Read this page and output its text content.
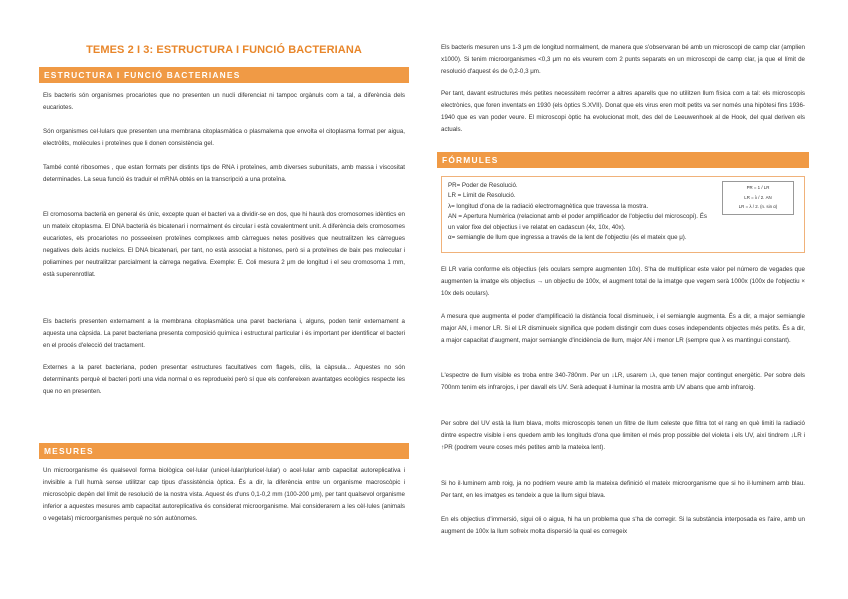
TEMES 2 I 3: ESTRUCTURA I FUNCIÓ BACTERIANA
ESTRUCTURA I FUNCIÓ BACTERIANES

Els bacteris són organismes procariotes que no presenten un nucli diferenciat ni tampoc orgànuls com a tal, a diferència dels eucariotes.

Són organismes cel·lulars que presenten una membrana citoplasmàtica o plasmalema que envolta el citoplasma format per aigua, electròlits, molècules i proteïnes que li donen consistència gel.

També conté ribosomes , que estan formats per distints tips de RNA i proteïnes, amb diverses subunitats, amb massa i viscositat determinades. La seua funció és traduir el mRNA obtés en la transcripció a una proteïna.

El cromosoma bacterià en general és únic, excepte quan el bacteri va a dividir-se en dos, que hi haurà dos cromosomes idèntics en un mateix citoplasma. El DNA bacterià és bicatenari i normalment és circular i està covalentment unit. A diferència dels cromosomes eucariotes, els procariotes no posseeixen proteïnes complexes amb càrregues netes positives que neutralitzen les càrregues negatives dels àcids nucleics. El DNA bicatenari, per tant, no està associat a histones, però si a proteïnes de baix pes molecular i poliamines per neutralitzar parcialment la càrrega negativa. Exemple: E. Coli mesura 2 μm de longitud i el seu cromosoma 1 mm, està superenrotllat.

Els bacteris presenten externament a la membrana citoplasmàtica una paret bacteriana i, alguns, poden tenir externament a aquesta una càpsida. La paret bacteriana presenta composició química i estructural particular i és important per identificar el bacteri en el procés d'elecció del tractament.

Externes a la paret bacteriana, poden presentar estructures facultatives com flagels, cilis, la càpsula... Aquestes no són determinants perquè el bacteri porti una vida normal o es reprodueixi però sí que els confereixen avantatges ecològics respecte les que no en presenten.

MESURES

Un microorganisme és qualsevol forma biològica cel·lular (unicel·lular/pluricel·lular) o acel·lular amb capacitat autoreplicativa i invisible a l'ull humà sense utilitzar cap tipus d'assistència òptica. És a dir, la diferència entre un organisme macroscòpic i microscòpic depèn del límit de resolució de la nostra vista. Aquest és d'uns 0,1-0,2 mm (100-200 μm), per tant qualsevol organisme inferior a aquestes mesures amb capacitat autoreplicativa és considerat microorganisme. Mai considerarem a les cèl·lules (animals o vegetals) microorganismes perquè no són autònomes.

Els bacteris mesuren uns 1-3 μm de longitud normalment, de manera que s'observaran bé amb un microscopi de camp clar (amplien x1000). Si tenim microorganismes <0,3 μm no els veurem com 2 punts separats en un microscopi de camp clar, ja que el límit de resolució d'aquest és de 0,2-0,3 μm.

Per tant, davant estructures més petites necessitem recórrer a altres aparells que no utilitzen llum física com a tal: els microscopis electrònics, que foren inventats en 1930 (els òptics S.XVII). Donat que els virus eren molt petits va ser només una hipòtesi fins 1936-1940 que es van poder veure. El microscopi òptic ha evolucionat molt, des del de Leeuwenhoek al de Hook, del qual deriven els actuals.

FÓRMULES
PR= Poder de Resolució.
LR = Límit de Resolució.
λ= longitud d'ona de la radiació electromagnètica que travessa la mostra.
AN = Apertura Numèrica (relacionat amb el poder amplificador de l'objectiu del microscopi). És
un valor fixe del objectius i ve relatat en cadascun (4x, 10x, 40x).
α= semiangle de llum que ingressa a través de la lent de l'objectiu (és el mateix que μ).
PR = 1 / LR
LR = λ / 2. AN
LR = λ / 2. (n. sin α)

El LR varia conforme els objectius (els oculars sempre augmenten 10x). S'ha de multiplicar este valor pel número de vegades que augmenten la imatge els objectius → un objectiu de 100x, el augment total de la imatge que vegem serà 1000x (100x de l'objectiu × 10x dels oculars).

A mesura que augmenta el poder d'amplificació la distància focal disminueix, i el semiangle augmenta. És a dir, a major semiangle major AN, i menor LR. Si el LR disminueix significa que podem distingir com dues coses independents objectes més petits. És a dir, a major capacitat d'augment, major semiangle d'incidència de llum, major AN i menor LR (sempre que λ es mantingui constant).

L'espectre de llum visible es troba entre 340-780nm. Per un ↓LR, usarem ↓λ, que tenen major contingut energètic. Per sobre dels 700nm tenim els infrarojos, i per davall els UV. Serà adequat il·luminar la mostra amb UV abans que amb infraroig.

Per sobre del UV està la llum blava, molts microscopis tenen un filtre de llum celeste que filtra tot el rang en què limiti la radiació dintre espectre visible i ens quedem amb les longituds d'ona que limiten el més prop possible del violeta i els UV, així tindrem ↓LR i ↑PR (podrem veure coses més petites amb la mateixa lent).

Si ho il·luminem amb roig, ja no podriem veure amb la mateixa definició el mateix microorganisme que si ho il·luminem amb blau. Per tant, en les imatges es tendeix a que la llum sigui blava.

En els objectius d'immersió, sigui oli o aigua, hi ha un problema que s'ha de corregir. Si la substància interposada es l'aire, amb un augment de 100x la llum sofreix molta dispersió la qual es corregeix
